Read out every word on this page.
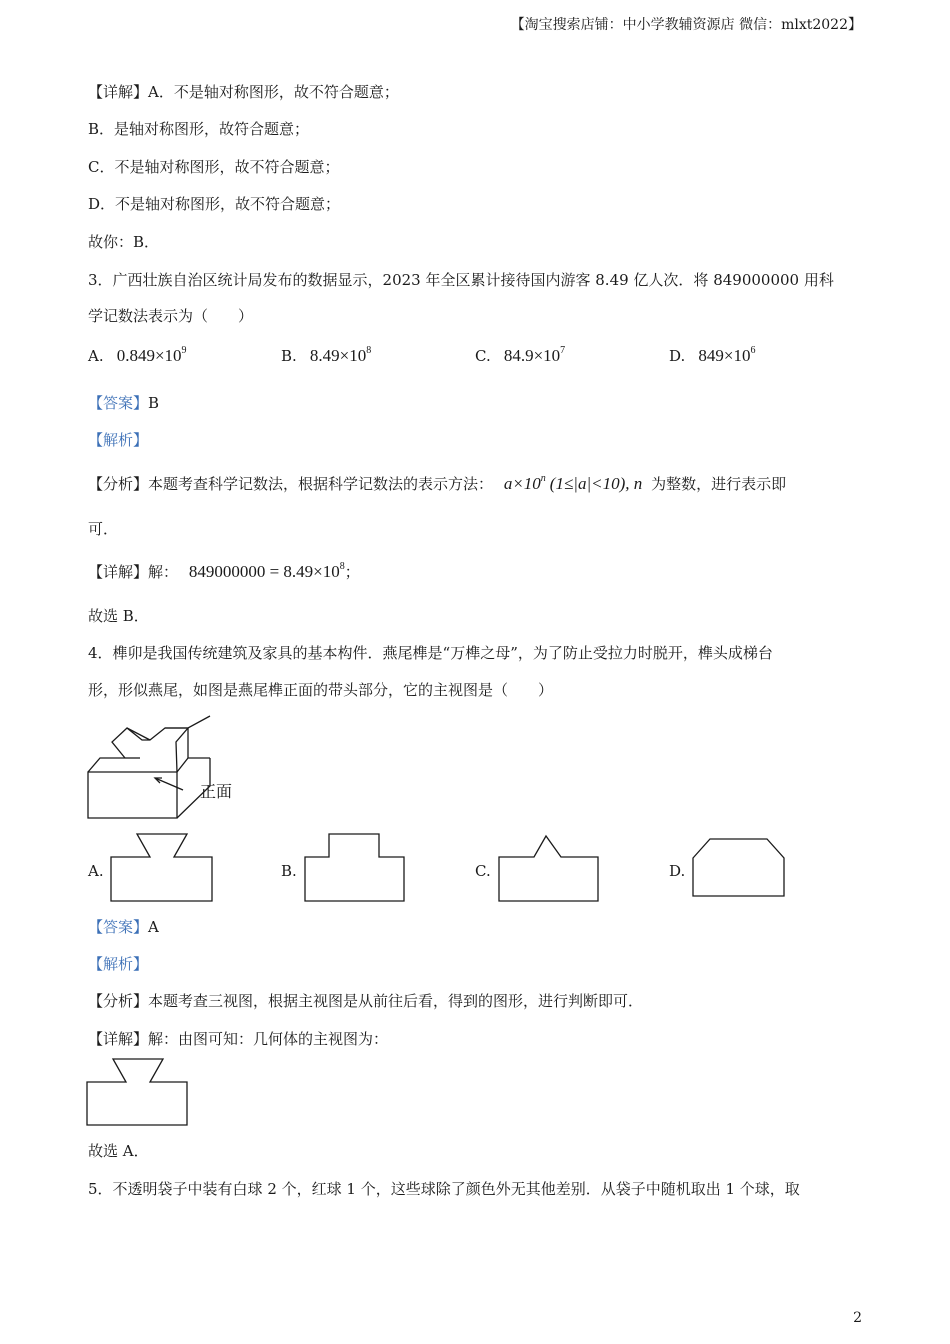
【淘宝搜索店铺：中小学教辅资源店 微信：mlxt2022】
【详解】A．不是轴对称图形，故不符合题意；
B．是轴对称图形，故符合题意；
C．不是轴对称图形，故不符合题意；
D．不是轴对称图形，故不符合题意；
故你：B．
3．广西壮族自治区统计局发布的数据显示，2023 年全区累计接待国内游客 8.49 亿人次．将 849000000 用科
学记数法表示为（　　）
A. $0.849\times 10^9$	B. $8.49\times 10^8$	C. $84.9\times 10^7$	D. $849\times 10^6$
【答案】B
【解析】
【分析】本题考查科学记数法，根据科学记数法的表示方法： $a\times 10^n$ (1≤|a|<10), n 为整数，进行表示即
可．
【详解】解： $849000000 = 8.49\times 10^8$；
故选 B．
4．榫卯是我国传统建筑及家具的基本构件．燕尾榫是“万榫之母”，为了防止受拉力时脱开，榫头成梯台
形，形似燕尾，如图是燕尾榫正面的带头部分，它的主视图是（　　）
正面
A.	B.	C.	D.
【答案】A
【解析】
【分析】本题考查三视图，根据主视图是从前往后看，得到的图形，进行判断即可．
【详解】解：由图可知：几何体的主视图为：
故选 A．
5．不透明袋子中装有白球 2 个，红球 1 个，这些球除了颜色外无其他差别．从袋子中随机取出 1 个球，取
2
